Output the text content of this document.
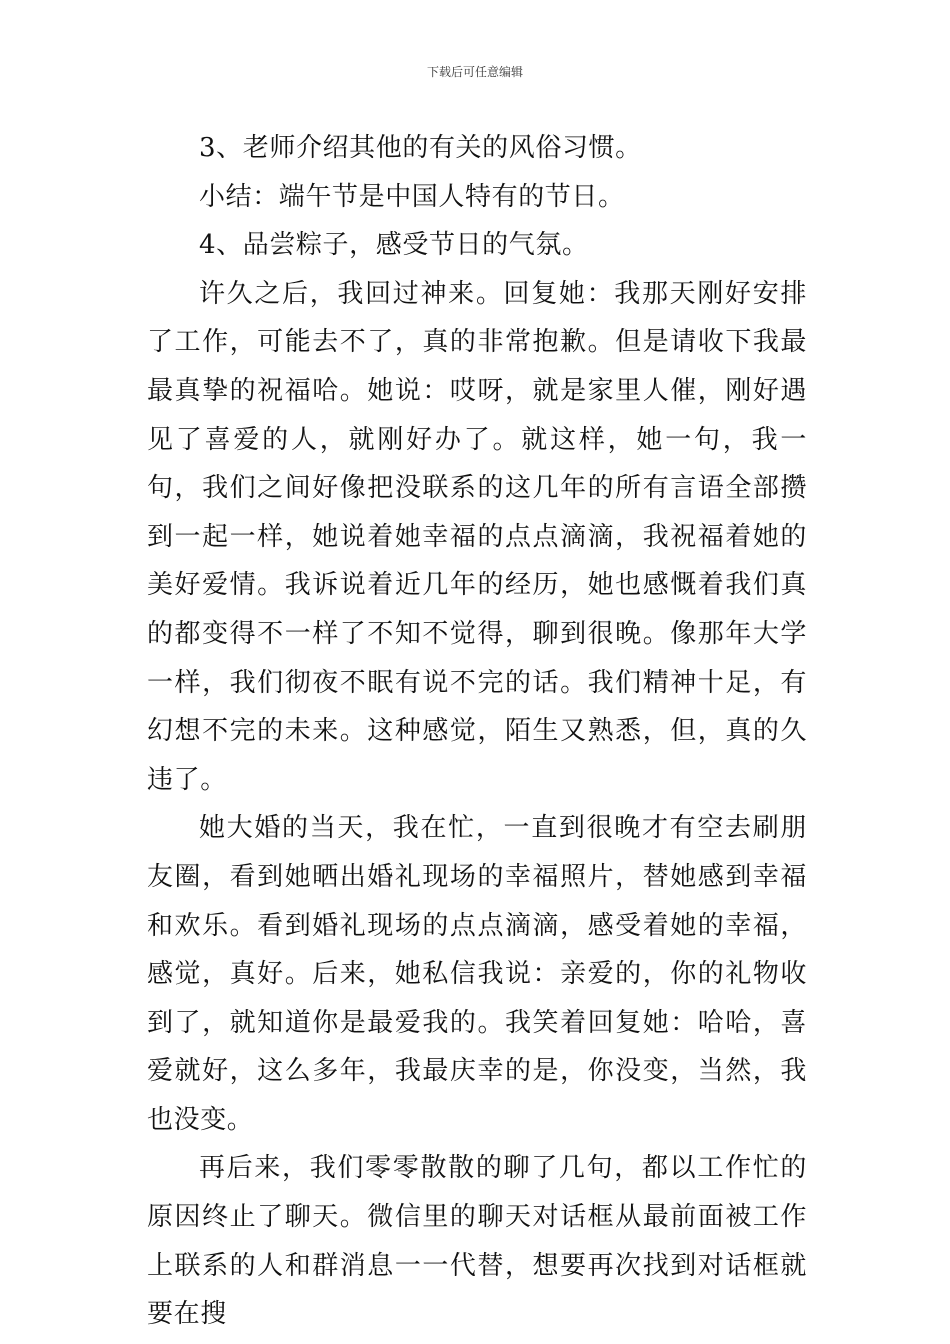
下载后可任意编辑

3、老师介绍其他的有关的风俗习惯。

小结：端午节是中国人特有的节日。

4、品尝粽子，感受节日的气氛。

许久之后，我回过神来。回复她：我那天刚好安排了工作，可能去不了，真的非常抱歉。但是请收下我最最真挚的祝福哈。她说：哎呀，就是家里人催，刚好遇见了喜爱的人，就刚好办了。就这样，她一句，我一句，我们之间好像把没联系的这几年的所有言语全部攒到一起一样，她说着她幸福的点点滴滴，我祝福着她的美好爱情。我诉说着近几年的经历，她也感慨着我们真的都变得不一样了不知不觉得，聊到很晚。像那年大学一样，我们彻夜不眠有说不完的话。我们精神十足，有幻想不完的未来。这种感觉，陌生又熟悉，但，真的久违了。

她大婚的当天，我在忙，一直到很晚才有空去刷朋友圈，看到她晒出婚礼现场的幸福照片，替她感到幸福和欢乐。看到婚礼现场的点点滴滴，感受着她的幸福，感觉，真好。后来，她私信我说：亲爱的，你的礼物收到了，就知道你是最爱我的。我笑着回复她：哈哈，喜爱就好，这么多年，我最庆幸的是，你没变，当然，我也没变。

再后来，我们零零散散的聊了几句，都以工作忙的原因终止了聊天。微信里的聊天对话框从最前面被工作上联系的人和群消息一一代替，想要再次找到对话框就要在搜
